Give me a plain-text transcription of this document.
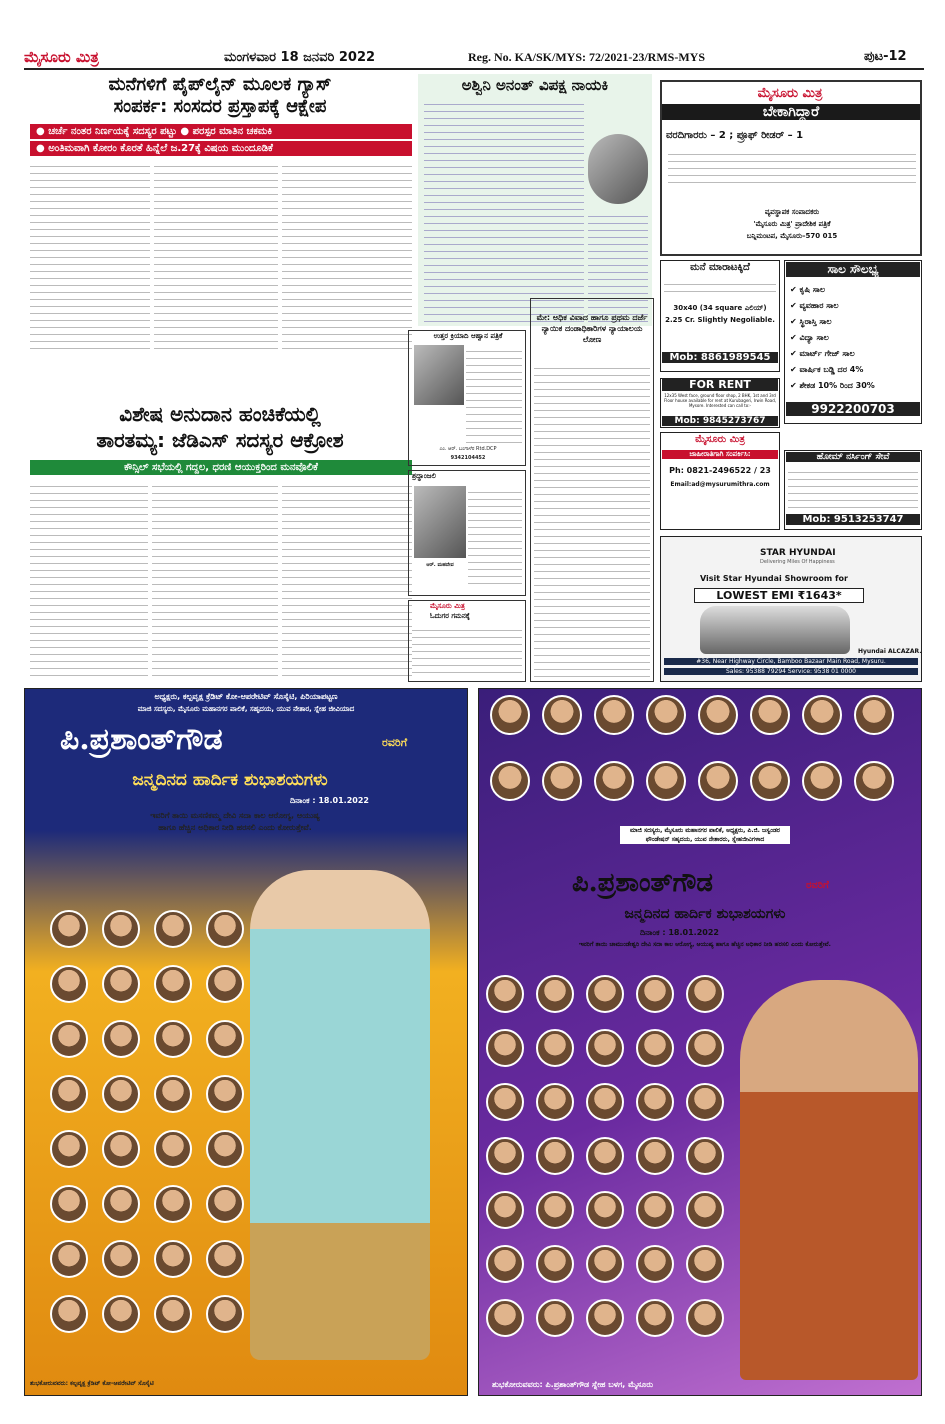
ಮೈಸೂರು ಮಿತ್ರ	ಮಂಗಳವಾರ 18 ಜನವರಿ 2022	Reg. No. KA/SK/MYS: 72/2021-23/RMS-MYS	ಪುಟ-12
ಮನೆಗಳಿಗೆ ಪೈಪ್‌ಲೈನ್ ಮೂಲಕ ಗ್ಯಾಸ್
ಸಂಪರ್ಕ: ಸಂಸದರ ಪ್ರಸ್ತಾಪಕ್ಕೆ ಆಕ್ಷೇಪ
● ಚರ್ಚೆ ನಂತರ ನಿರ್ಣಯಕ್ಕೆ ಸದಸ್ಯರ ಪಟ್ಟು ● ಪರಸ್ಪರ ಮಾತಿನ ಚಕಮಕಿ
● ಅಂತಿಮವಾಗಿ ಕೋರಂ ಕೊರತೆ ಹಿನ್ನೆಲೆ ಜ.27ಕ್ಕೆ ವಿಷಯ ಮುಂದೂಡಿಕೆ
ಅಶ್ವಿನಿ ಅನಂತ್ ವಿಪಕ್ಷ ನಾಯಕಿ
ವಿಶೇಷ ಅನುದಾನ ಹಂಚಿಕೆಯಲ್ಲಿ
ತಾರತಮ್ಯ: ಜೆಡಿಎಸ್ ಸದಸ್ಯರ ಆಕ್ರೋಶ
ಕೌನ್ಸಿಲ್ ಸಭೆಯಲ್ಲಿ ಗದ್ದಲ, ಧರಣಿ ಆಯುಕ್ತರಿಂದ ಮನವೊಲಿಕೆ
ಉತ್ತರ ಕ್ರಿಯಾದಿ ಆಹ್ವಾನ ಪತ್ರಿಕೆ
ಎಂ. ಆರ್. ಬಂಗಾಳೆರ Rtd.DCP
9342104452
ಶ್ರದ್ಧಾಂಜಲಿ
ಆರ್. ಮಹದೇವ
ಮೈಸೂರು ಮಿತ್ರ
ಓದುಗರ ಗಮನಕ್ಕೆ
ಮೇ: ಅಧಿಕ ವಿವಾದ ಹಾಗೂ ಪ್ರಥಮ ದರ್ಜೆ ನ್ಯಾಯಿಕ ದಂಡಾಧಿಕಾರಿಗಳ ನ್ಯಾಯಾಲಯ ಲೋಣ
ಮೈಸೂರು ಮಿತ್ರ
ಬೇಕಾಗಿದ್ದಾರೆ
ವರದಿಗಾರರು – 2 ; ಪ್ರೂಫ್ ರೀಡರ್ – 1
ವ್ಯವಸ್ಥಾಪಕ ಸಂಪಾದಕರು
'ಮೈಸೂರು ಮಿತ್ರ' ಪ್ರಾದೇಶಿಕ ಪತ್ರಿಕೆ
ಬನ್ನಿಮಂಟಪ, ಮೈಸೂರು–570 015
ಮನೆ ಮಾರಾಟಕ್ಕಿದೆ
30x40 (34 square ಎಲಿಯ್)
2.25 Cr. Slightly Negoliable.
Mob: 8861989545
FOR RENT
12x35 West face, ground floor shop, 2 BHK, 1st and 3rd Floor house available for rent at Kurubageri, Irwin Road, Mysore. Interested can call to:-
Mob: 9845273767
ಸಾಲ ಸೌಲಭ್ಯ
✔ ಕೃಷಿ ಸಾಲ
✔ ವ್ಯವಹಾರ ಸಾಲ
✔ ಸ್ಥಿರಾಸ್ತಿ ಸಾಲ
✔ ವಿದ್ಯಾ ಸಾಲ
✔ ಮಾರ್ಟ್ ಗೇಜ್ ಸಾಲ
✔ ವಾರ್ಷಿಕ ಬಡ್ಡಿ ದರ 4%
✔ ಶೇಕಡ 10% ರಿಂದ 30%
9922200703
ಮೈಸೂರು ಮಿತ್ರ
ಜಾಹೀರಾತಿಗಾಗಿ ಸಂಪರ್ಕಿಸಿ:
Ph: 0821-2496522 / 23
Email:ad@mysurumithra.com
ಹೋಮ್ ನರ್ಸಿಂಗ್ ಸೇವೆ
Mob: 9513253747
STAR HYUNDAI
Delivering Miles Of Happiness
Visit Star Hyundai Showroom for
LOWEST EMI ₹1643*
Hyundai ALCAZAR.
#36, Near Highway Circle, Bamboo Bazaar Main Road, Mysuru.
Sales: 95388 79294 Service: 9538 01 0000
ಅಧ್ಯಕ್ಷರು, ಕಲ್ಪವೃಕ್ಷ ಕ್ರೆಡಿಟ್ ಕೋ-ಆಪರೇಟಿವ್ ಸೊಸೈಟಿ, ಪಿರಿಯಾಪಟ್ಟಣ
ಮಾಜಿ ಸದಸ್ಯರು, ಮೈಸೂರು ಮಹಾನಗರ ಪಾಲಿಕೆ, ಸಹೃದಯ, ಯುವ ನೇತಾರ, ಸ್ನೇಹ ಜೀವಿಯಾದ
ಪಿ.ಪ್ರಶಾಂತ್‌ಗೌಡ	ರವರಿಗೆ
ಜನ್ಮದಿನದ ಹಾರ್ದಿಕ ಶುಭಾಶಯಗಳು
ದಿನಾಂಕ : 18.01.2022
ಇವರಿಗೆ ತಾಯಿ ಮಸಣಿಕಮ್ಮ ದೇವಿ ಸದಾ ಕಾಲ ಆರೋಗ್ಯ, ಆಯುಷ್ಯ ಹಾಗೂ ಹೆಚ್ಚಿನ ಅಧಿಕಾರ ನೀಡಿ ಹರಸಲಿ ಎಂದು ಕೋರುತ್ತೇವೆ.
ಶುಭಕೋರುವವರು: ಕಲ್ಪವೃಕ್ಷ ಕ್ರೆಡಿಟ್ ಕೋ-ಆಪರೇಟಿವ್ ಸೊಸೈಟಿ
ಮಾಜಿ ಸದಸ್ಯರು, ಮೈಸೂರು ಮಹಾನಗರ ಪಾಲಿಕೆ, ಅಧ್ಯಕ್ಷರು, ಪಿ.ಜಿ. ಜಸ್ವಂಡರ ಫೌಂಡೇಷನ್ ಸಹೃದಯ, ಯುವ ನೇತಾರರು, ಸ್ನೇಹಜೀವಿಗಳಾದ
ಪಿ.ಪ್ರಶಾಂತ್‌ಗೌಡ	ರವರಿಗೆ
ಜನ್ಮದಿನದ ಹಾರ್ದಿಕ ಶುಭಾಶಯಗಳು
ದಿನಾಂಕ : 18.01.2022
ಇವರಿಗೆ ತಾಯಿ ಚಾಮುಂಡೇಶ್ವರಿ ದೇವಿ ಸದಾ ಕಾಲ ಆರೋಗ್ಯ, ಆಯುಷ್ಯ ಹಾಗೂ ಹೆಚ್ಚಿನ ಅಧಿಕಾರ ನೀಡಿ ಹರಸಲಿ ಎಂದು ಕೋರುತ್ತೇವೆ.
ಶುಭಕೋರುವವರು: ಪಿ.ಪ್ರಶಾಂತ್‌ಗೌಡ ಸ್ನೇಹ ಬಳಗ, ಮೈಸೂರು
